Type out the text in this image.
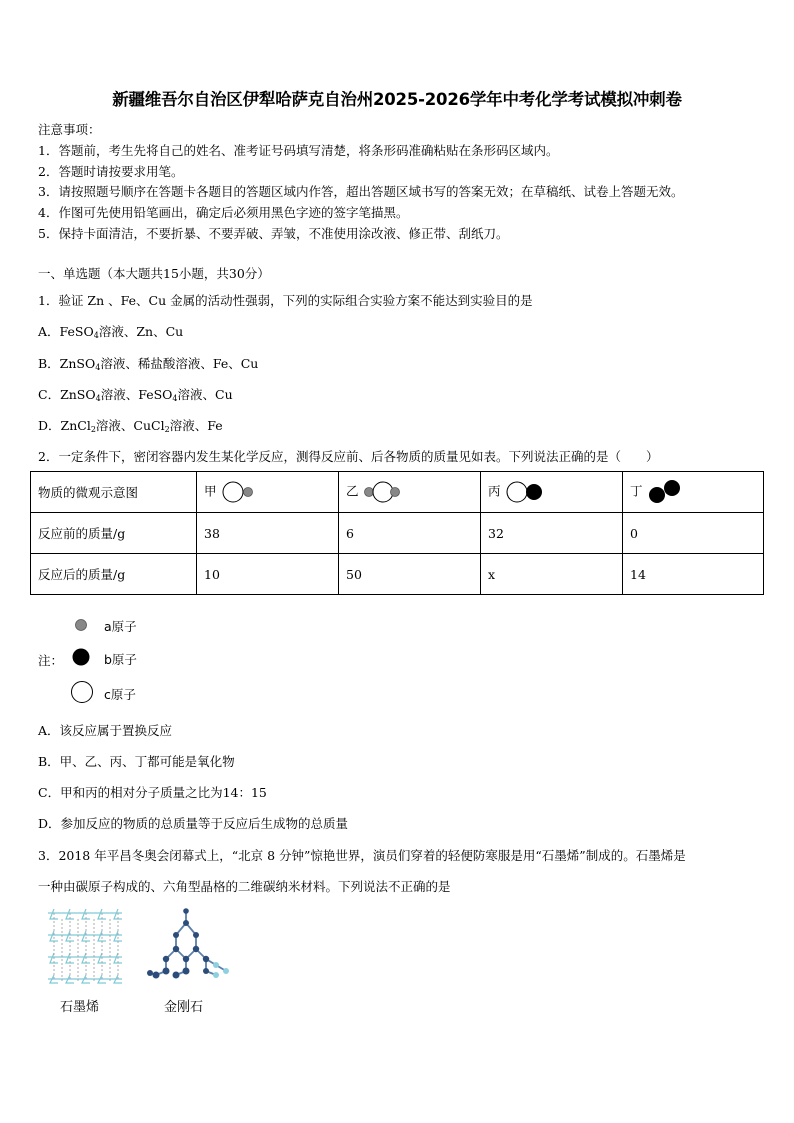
新疆维吾尔自治区伊犁哈萨克自治州2025-2026学年中考化学考试模拟冲刺卷
注意事项：
1．答题前，考生先将自己的姓名、准考证号码填写清楚，将条形码准确粘贴在条形码区域内。
2．答题时请按要求用笔。
3．请按照题号顺序在答题卡各题目的答题区域内作答，超出答题区域书写的答案无效；在草稿纸、试卷上答题无效。
4．作图可先使用铅笔画出，确定后必须用黑色字迹的签字笔描黑。
5．保持卡面清洁，不要折暴、不要弄破、弄皱，不准使用涂改液、修正带、刮纸刀。
一、单选题（本大题共15小题，共30分）
1．验证 Zn 、Fe、Cu 金属的活动性强弱，下列的实际组合实验方案不能达到实验目的是
A．FeSO$_4$溶液、Zn、Cu
B．ZnSO$_4$溶液、稀盐酸溶液、Fe、Cu
C．ZnSO$_4$溶液、FeSO$_4$溶液、Cu
D．ZnCl$_2$溶液、CuCl$_2$溶液、Fe
2．一定条件下，密闭容器内发生某化学反应，测得反应前、后各物质的质量见如表。下列说法正确的是（　　）
物质的微观示意图	甲	乙	丙	丁

反应前的质量/g	38	6	32	0
反应后的质量/g	10	50	x	14
a原子
注：	b原子
c原子
A．该反应属于置换反应
B．甲、乙、丙、丁都可能是氧化物
C．甲和丙的相对分子质量之比为14：15
D．参加反应的物质的总质量等于反应后生成物的总质量
3．2018 年平昌冬奥会闭幕式上，“北京 8 分钟”惊艳世界，演员们穿着的轻便防寒服是用“石墨烯”制成的。石墨烯是
一种由碳原子构成的、六角型晶格的二维碳纳米材料。下列说法不正确的是
石墨烯	金刚石
